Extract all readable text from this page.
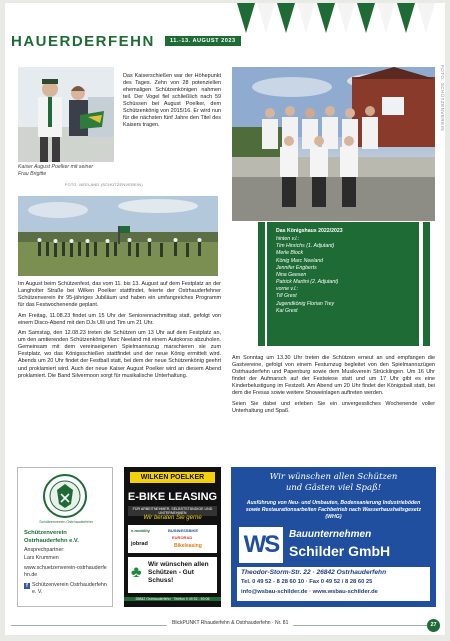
HAUERDERFEHN	11.-13. AUGUST 2023
FOTO: SCHÜTZENVEREIN
Kaiser August Poelker mit seiner Frau Brigitte
FOTO: NEELAND (SCHÜTZENVEREIN)
Das Kaiserschießen war der Höhepunkt des Tages. Zehn von 28 potenziellen ehemaligen Schützenkönigen nahmen teil. Der Vogel fiel schließlich nach 59 Schüssen bei August Poelker, dem Schützenkönig von 2015/16. Er wird nun für die nächsten fünf Jahre den Titel des Kaisers tragen.
Das Königshaus 2022/2023
hinten v.l.:
Tim Hinrichs (1. Adjutant)
Merle Block
König Marc Neeland
Jennifer Engberts
Nina Geesen
Patrick Martini (2. Adjutant)
vorne v.l.:
Till Grest
Jugendkönig Florian Trey
Kai Grest

Im August beim Schützenfest, das vom 11. bis 13. August auf dem Festplatz an der Langholter Straße bei Wilken Poelker stattfindet, feierte der Ostrhauderfehner Schützenverein ihr 95-jähriges Jubiläum und haben ein umfangreiches Programm für das Festwochenende geplant.

Am Freitag, 11.08.23 findet um 15 Uhr der Seniorennachmittag statt, gefolgt von einem Disco-Abend mit den DJs Ulli und Tim um 21 Uhr.

Am Samstag, den 12.08.23 treten die Schützen um 13 Uhr auf dem Festplatz an, um den amtierenden Schützenkönig Marc Neeland mit einem Autokorso abzuholen. Gemeinsam mit dem vereinseigenen Spielmannszug marschieren sie zum Festplatz, wo das Königsschießen stattfindet und der neue König ermittelt wird. Abends um 20 Uhr findet der Festball statt, bei dem der neue Schützenkönig geehrt und proklamiert wird. Auch der neue Kaiser August Poelker wird an diesem Abend proklamiert. Die Band Silvermoon sorgt für musikalische Unterhaltung.

Am Sonntag um 13.30 Uhr treten die Schützen erneut an und empfangen die Gastvereine, gefolgt von einem Festumzug begleitet von den Spielmannszügen Ostrhauderfehn und Papenburg sowie dem Musikverein Strücklingen. Um 16 Uhr findet der Aufmarsch auf der Festwiese statt und um 17 Uhr gibt es eine Kinderbelustigung im Festzelt. Am Abend um 20 Uhr findet der Königsball statt, bei dem die Fresas sowie weitere Showeinlagen auftreten werden.

Seien Sie dabei und erleben Sie ein unvergessliches Wochenende voller Unterhaltung und Spaß.

Schützenverein Ostrhauderfehn
Schützenverein Ostrhauderfehn e.V.
Ansprechpartner:
Lars Krummen
www.schuetzenverein-ostrhauderfehn.de
f Schützenverein Ostrhauderfehn e. V.
WILKEN POELKER
E-BIKE LEASING
FÜR ARBEITNEHMER, SELBSTSTÄNDIGE UND UNTERNEHMEN
Wir beraten Sie gerne
e-mobility
jobrad
BUSINESSBIKE
EURORAD
Bikeleasing
♣ Wir wünschen allen Schützen - Gut Schuss!
26842 Ostrhauderfehn · Telefon 0 49 52 - 53 06
Wir wünschen allen Schützen
und Gästen viel Spaß!
Ausführung von Neu- und Umbauten, Bodensanierung Industrieböden sowie Restaurationsarbeiten Fachbetrieb nach Wasserhaushaltsgesetz (WHG)
WS	Bauunternehmen
Schilder GmbH
Theodor-Storm-Str. 22 · 26842 Ostrhauderfehn
Tel. 0 49 52 - 8 28 60 10 · Fax 0 49 52 / 8 28 60 25
info@wsbau-schilder.de · www.wsbau-schilder.de
BlickPUNKT Rhauderfehn & Ostrhauderfehn · Nr. 81	27
